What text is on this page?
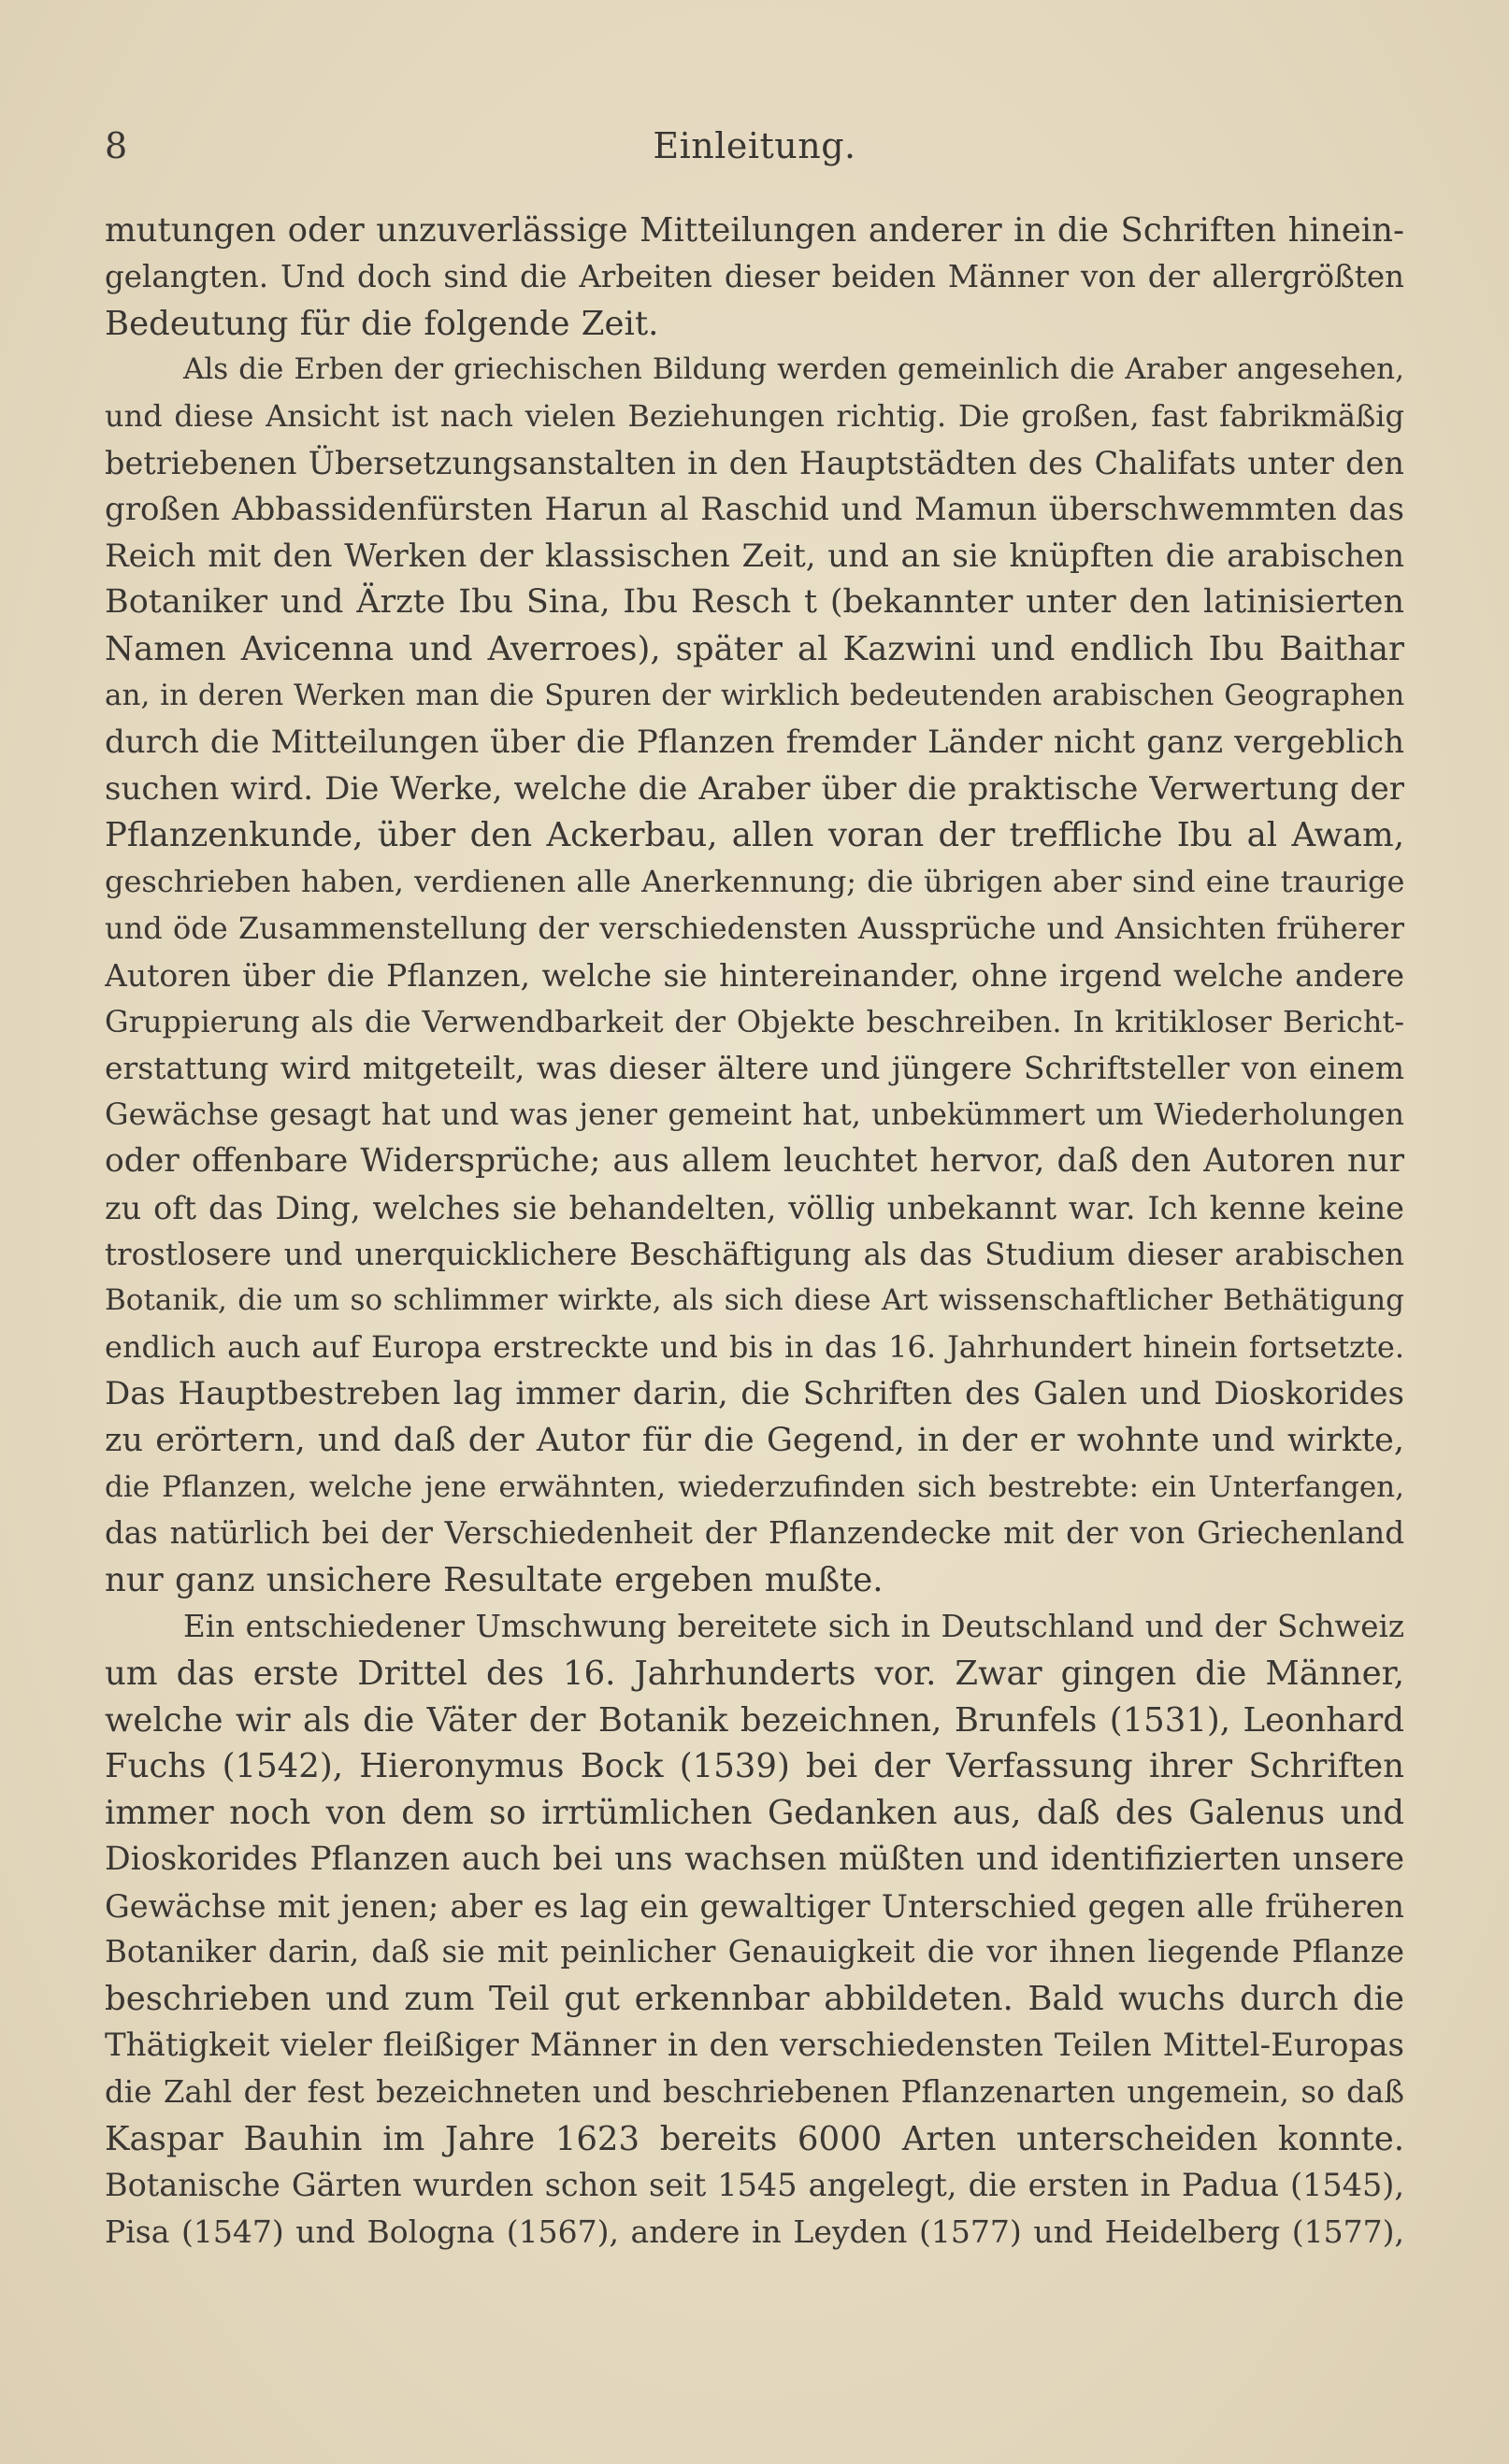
8	Einleitung.
mutungen oder unzuverlässige Mitteilungen anderer in die Schriften hinein-
gelangten. Und doch sind die Arbeiten dieser beiden Männer von der allergrößten
Bedeutung für die folgende Zeit.
Als die Erben der griechischen Bildung werden gemeinlich die Araber angesehen,
und diese Ansicht ist nach vielen Beziehungen richtig. Die großen, fast fabrikmäßig
betriebenen Übersetzungsanstalten in den Hauptstädten des Chalifats unter den
großen Abbassidenfürsten Harun al Raschid und Mamun überschwemmten das
Reich mit den Werken der klassischen Zeit, und an sie knüpften die arabischen
Botaniker und Ärzte Ibu Sina, Ibu Resch t (bekannter unter den latinisierten
Namen Avicenna und Averroes), später al Kazwini und endlich Ibu Baithar
an, in deren Werken man die Spuren der wirklich bedeutenden arabischen Geographen
durch die Mitteilungen über die Pflanzen fremder Länder nicht ganz vergeblich
suchen wird. Die Werke, welche die Araber über die praktische Verwertung der
Pflanzenkunde, über den Ackerbau, allen voran der treffliche Ibu al Awam,
geschrieben haben, verdienen alle Anerkennung; die übrigen aber sind eine traurige
und öde Zusammenstellung der verschiedensten Aussprüche und Ansichten früherer
Autoren über die Pflanzen, welche sie hintereinander, ohne irgend welche andere
Gruppierung als die Verwendbarkeit der Objekte beschreiben. In kritikloser Bericht-
erstattung wird mitgeteilt, was dieser ältere und jüngere Schriftsteller von einem
Gewächse gesagt hat und was jener gemeint hat, unbekümmert um Wiederholungen
oder offenbare Widersprüche; aus allem leuchtet hervor, daß den Autoren nur
zu oft das Ding, welches sie behandelten, völlig unbekannt war. Ich kenne keine
trostlosere und unerquicklichere Beschäftigung als das Studium dieser arabischen
Botanik, die um so schlimmer wirkte, als sich diese Art wissenschaftlicher Bethätigung
endlich auch auf Europa erstreckte und bis in das 16. Jahrhundert hinein fortsetzte.
Das Hauptbestreben lag immer darin, die Schriften des Galen und Dioskorides
zu erörtern, und daß der Autor für die Gegend, in der er wohnte und wirkte,
die Pflanzen, welche jene erwähnten, wiederzufinden sich bestrebte: ein Unterfangen,
das natürlich bei der Verschiedenheit der Pflanzendecke mit der von Griechenland
nur ganz unsichere Resultate ergeben mußte.
Ein entschiedener Umschwung bereitete sich in Deutschland und der Schweiz
um das erste Drittel des 16. Jahrhunderts vor. Zwar gingen die Männer,
welche wir als die Väter der Botanik bezeichnen, Brunfels (1531), Leonhard
Fuchs (1542), Hieronymus Bock (1539) bei der Verfassung ihrer Schriften
immer noch von dem so irrtümlichen Gedanken aus, daß des Galenus und
Dioskorides Pflanzen auch bei uns wachsen müßten und identifizierten unsere
Gewächse mit jenen; aber es lag ein gewaltiger Unterschied gegen alle früheren
Botaniker darin, daß sie mit peinlicher Genauigkeit die vor ihnen liegende Pflanze
beschrieben und zum Teil gut erkennbar abbildeten. Bald wuchs durch die
Thätigkeit vieler fleißiger Männer in den verschiedensten Teilen Mittel-Europas
die Zahl der fest bezeichneten und beschriebenen Pflanzenarten ungemein, so daß
Kaspar Bauhin im Jahre 1623 bereits 6000 Arten unterscheiden konnte.
Botanische Gärten wurden schon seit 1545 angelegt, die ersten in Padua (1545),
Pisa (1547) und Bologna (1567), andere in Leyden (1577) und Heidelberg (1577),
